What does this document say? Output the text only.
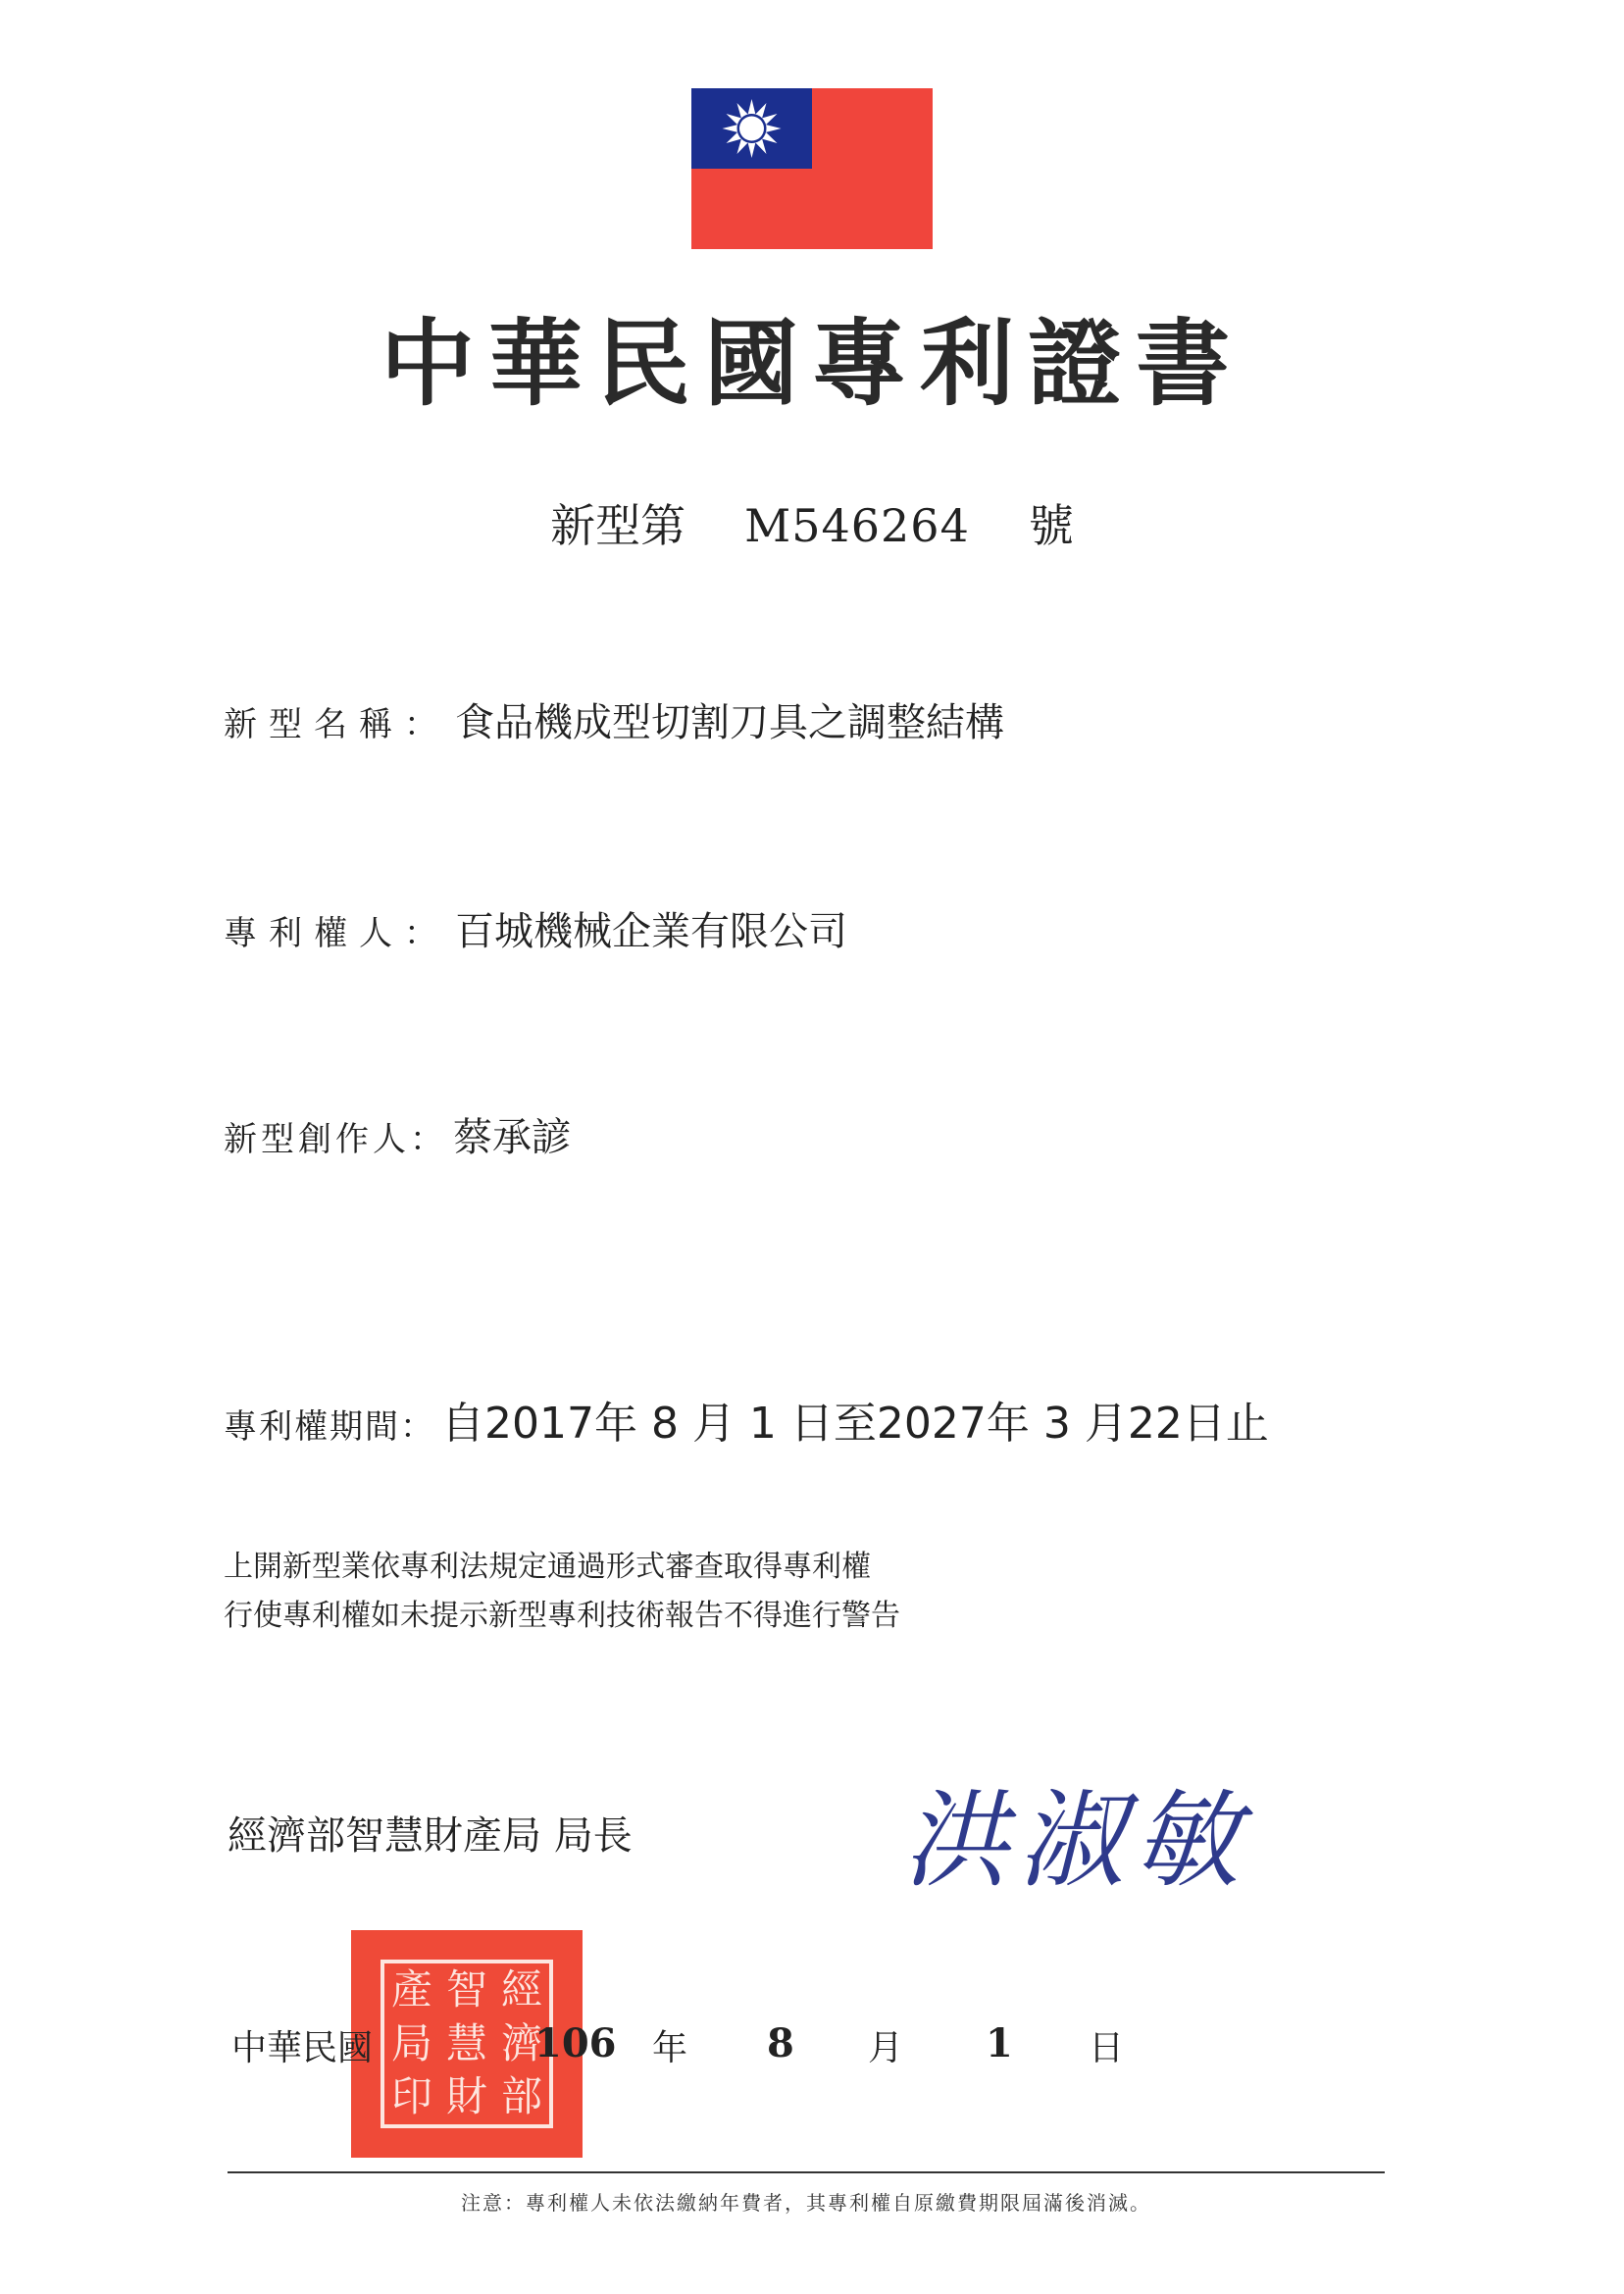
中華民國專利證書
新型第 M546264 號
新型名稱： 食品機成型切割刀具之調整結構
專利權人： 百城機械企業有限公司
新型創作人： 蔡承諺
專利權期間： 自2017年 8 月 1 日至2027年 3 月22日止
上開新型業依專利法規定通過形式審查取得專利權
行使專利權如未提示新型專利技術報告不得進行警告
經濟部智慧財產局 局長	洪淑敏
產 智 經
局 慧 濟
印 財 部
中華民國	106 年 8 月 1 日
注意：專利權人未依法繳納年費者，其專利權自原繳費期限屆滿後消滅。
